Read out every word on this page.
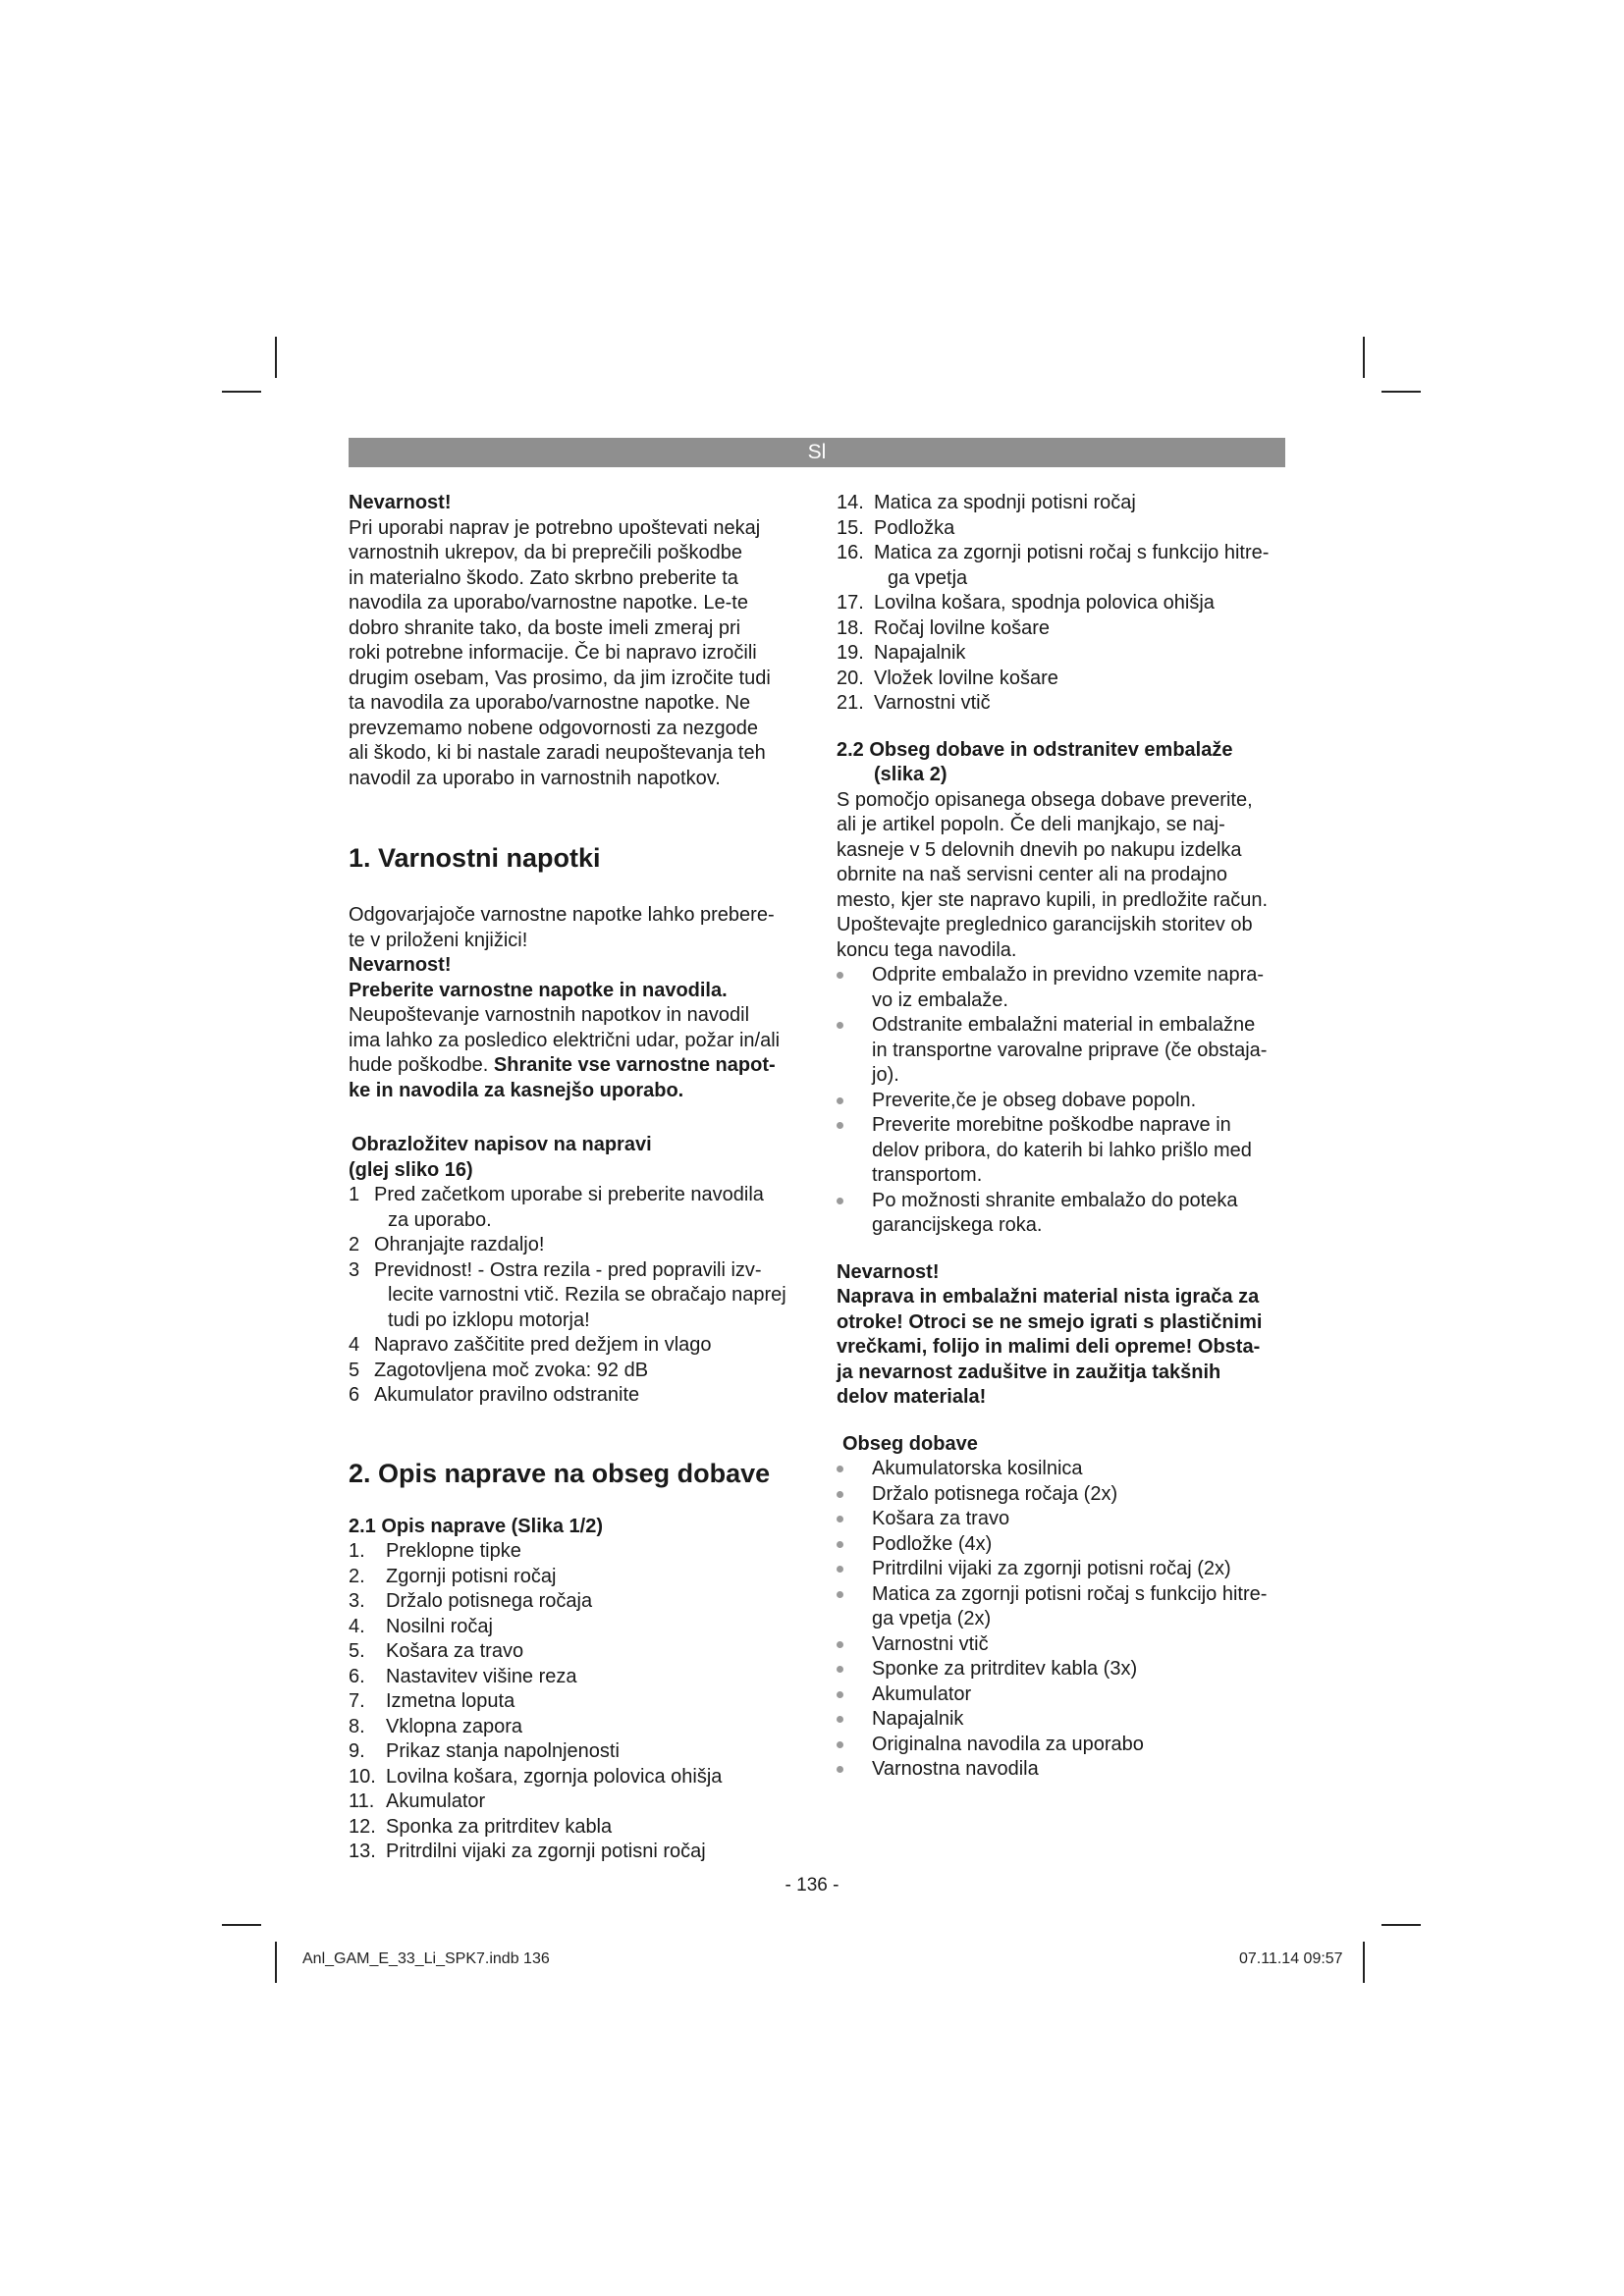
Sl

Nevarnost!

Pri uporabi naprav je potrebno upoštevati nekaj

varnostnih ukrepov, da bi preprečili poškodbe

in materialno škodo. Zato skrbno preberite ta

navodila za uporabo/varnostne napotke. Le-te

dobro shranite tako, da boste imeli zmeraj pri

roki potrebne informacije. Če bi napravo izročili

drugim osebam, Vas prosimo, da jim izročite tudi

ta navodila za uporabo/varnostne napotke. Ne

prevzemamo nobene odgovornosti za nezgode

ali škodo, ki bi nastale zaradi neupoštevanja teh

navodil za uporabo in varnostnih napotkov.

1. Varnostni napotki

Odgovarjajoče varnostne napotke lahko prebere-

te v priloženi knjižici!

Nevarnost!

Preberite varnostne napotke in navodila.

Neupoštevanje varnostnih napotkov in navodil

ima lahko za posledico električni udar, požar in/ali

hude poškodbe. Shranite vse varnostne napot-

ke in navodila za kasnejšo uporabo.

Obrazložitev napisov na napravi

(glej sliko 16)

1 Pred začetkom uporabe si preberite navodila
za uporabo.
2 Ohranjajte razdaljo!
3 Previdnost! - Ostra rezila - pred popravili izv-
lecite varnostni vtič. Rezila se obračajo naprej
tudi po izklopu motorja!
4 Napravo zaščitite pred dežjem in vlago
5 Zagotovljena moč zvoka: 92 dB
6 Akumulator pravilno odstranite

2. Opis naprave na obseg dobave

2.1 Opis naprave (Slika 1/2)

1. Preklopne tipke
2. Zgornji potisni ročaj
3. Držalo potisnega ročaja
4. Nosilni ročaj
5. Košara za travo
6. Nastavitev višine reza
7. Izmetna loputa
8. Vklopna zapora
9. Prikaz stanja napolnjenosti
10. Lovilna košara, zgornja polovica ohišja
11. Akumulator
12. Sponka za pritrditev kabla
13. Pritrdilni vijaki za zgornji potisni ročaj
14. Matica za spodnji potisni ročaj
15. Podložka
16. Matica za zgornji potisni ročaj s funkcijo hitre-
ga vpetja
17. Lovilna košara, spodnja polovica ohišja
18. Ročaj lovilne košare
19. Napajalnik
20. Vložek lovilne košare
21. Varnostni vtič

2.2 Obseg dobave in odstranitev embalaže

(slika 2)

S pomočjo opisanega obsega dobave preverite,

ali je artikel popoln. Če deli manjkajo, se naj-

kasneje v 5 delovnih dnevih po nakupu izdelka

obrnite na naš servisni center ali na prodajno

mesto, kjer ste napravo kupili, in predložite račun.

Upoštevajte preglednico garancijskih storitev ob

koncu tega navodila.

Odprite embalažo in previdno vzemite napra-
vo iz embalaže.
Odstranite embalažni material in embalažne
in transportne varovalne priprave (če obstaja-
jo).
Preverite,če je obseg dobave popoln.
Preverite morebitne poškodbe naprave in
delov pribora, do katerih bi lahko prišlo med
transportom.
Po možnosti shranite embalažo do poteka
garancijskega roka.

Nevarnost!

Naprava in embalažni material nista igrača za

otroke! Otroci se ne smejo igrati s plastičnimi

vrečkami, folijo in malimi deli opreme! Obsta-

ja nevarnost zadušitve in zaužitja takšnih

delov materiala!

Obseg dobave

Akumulatorska kosilnica
Držalo potisnega ročaja (2x)
Košara za travo
Podložke (4x)
Pritrdilni vijaki za zgornji potisni ročaj (2x)
Matica za zgornji potisni ročaj s funkcijo hitre-
ga vpetja (2x)
Varnostni vtič
Sponke za pritrditev kabla (3x)
Akumulator
Napajalnik
Originalna navodila za uporabo
Varnostna navodila
- 136 -
Anl_GAM_E_33_Li_SPK7.indb 136	07.11.14 09:57
